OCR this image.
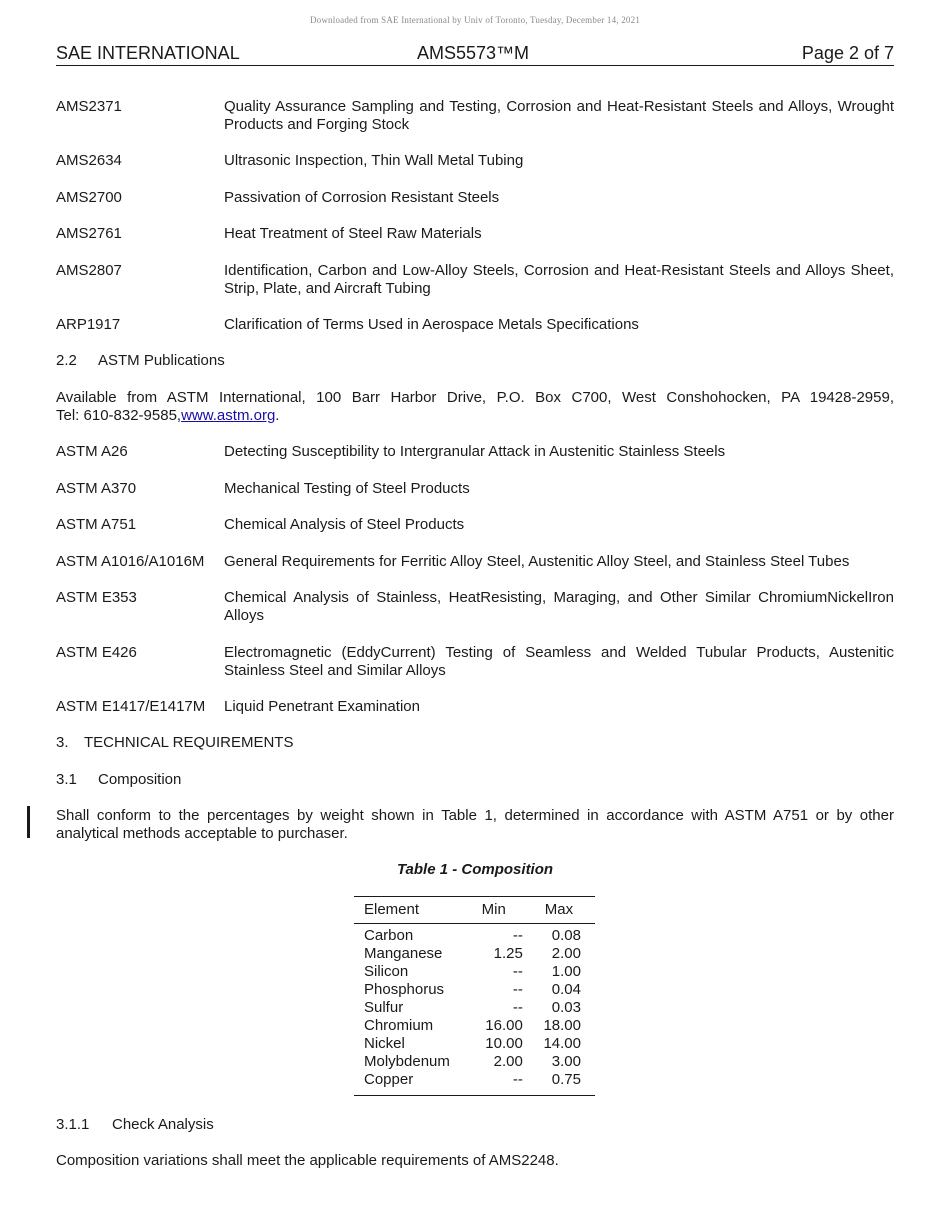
Downloaded from SAE International by Univ of Toronto, Tuesday, December 14, 2021
SAE INTERNATIONAL	AMS5573™M	Page 2 of 7
AMS2371	Quality Assurance Sampling and Testing, Corrosion and Heat-Resistant Steels and Alloys, Wrought Products and Forging Stock
AMS2634	Ultrasonic Inspection, Thin Wall Metal Tubing
AMS2700	Passivation of Corrosion Resistant Steels
AMS2761	Heat Treatment of Steel Raw Materials
AMS2807	Identification, Carbon and Low-Alloy Steels, Corrosion and Heat-Resistant Steels and Alloys Sheet, Strip, Plate, and Aircraft Tubing
ARP1917	Clarification of Terms Used in Aerospace Metals Specifications
2.2 ASTM Publications
Available from ASTM International, 100 Barr Harbor Drive, P.O. Box C700, West Conshohocken, PA 19428-2959,
Tel: 610-832-9585,www.astm.org.
ASTM A26	Detecting Susceptibility to Intergranular Attack in Austenitic Stainless Steels
ASTM A370	Mechanical Testing of Steel Products
ASTM A751	Chemical Analysis of Steel Products
ASTM A1016/A1016M General Requirements for Ferritic Alloy Steel, Austenitic Alloy Steel, and Stainless Steel Tubes
ASTM E353	Chemical Analysis of Stainless, HeatResisting, Maraging, and Other Similar ChromiumNickelIron Alloys
ASTM E426	Electromagnetic (EddyCurrent) Testing of Seamless and Welded Tubular Products, Austenitic Stainless Steel and Similar Alloys
ASTM E1417/E1417M Liquid Penetrant Examination
3. TECHNICAL REQUIREMENTS
3.1 Composition
Shall conform to the percentages by weight shown in Table 1, determined in accordance with ASTM A751 or by other
analytical methods acceptable to purchaser.
Table 1 - Composition
Element	Min	Max
Carbon	--	0.08
Manganese	1.25	2.00
Silicon	--	1.00
Phosphorus	--	0.04
Sulfur	--	0.03
Chromium	16.00	18.00
Nickel	10.00	14.00
Molybdenum	2.00	3.00
Copper	--	0.75
3.1.1 Check Analysis
Composition variations shall meet the applicable requirements of AMS2248.
